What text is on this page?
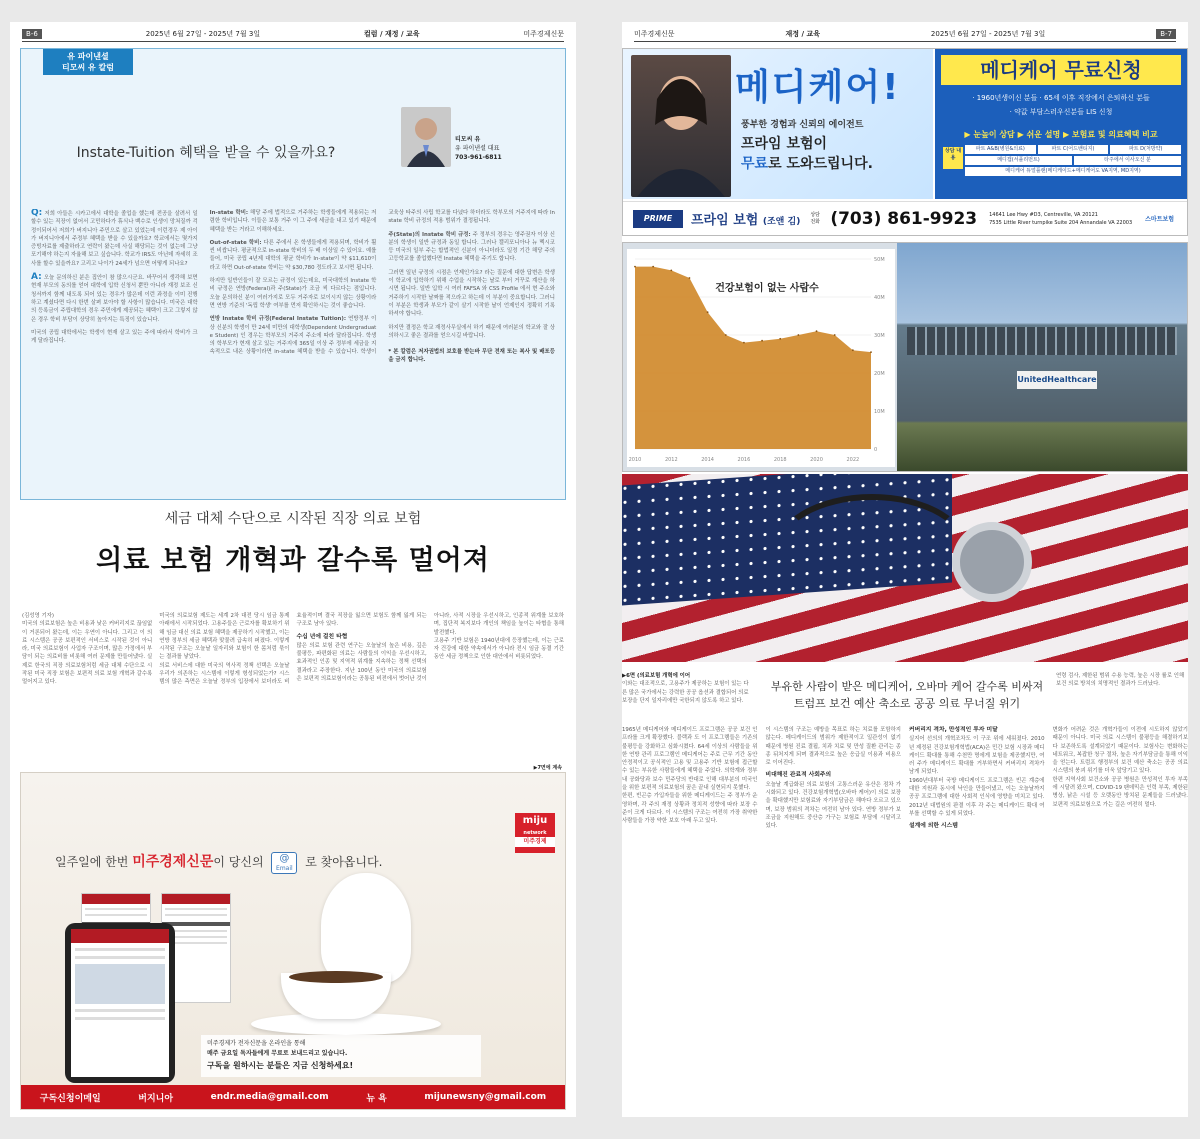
B-6	2025년 6월 27일 - 2025년 7월 3일	컬럼 / 재정 / 교육	미주경제신문
유 파이낸셜
티모씨 유 칼럼
Instate-Tuition 혜택을 받을 수 있을까요?
티모씨 유
유 파이낸셜 대표
703-961-6811

Q: 저희 아들은 시카고에서 대학을 졸업을 했는데 전공을 살려서 일할수 있는 직장이 없어서 고민하다가 휴식나 백수로 인생이 망쳐질까 걱정이되어서 저희가 버지니아 주민으로 살고 있었는데 이런경우 제 아이가 버지니아에서 주정부 혜택을 받을 수 있을까요? 학교에서는 몇가지 증빙자료를 제출하라고 연락이 왔는데 사실 해당되는 것이 없는데 그냥 포기해야 하는지 자율해 보고 싶습니다. 학교가 IRS도 아닌데 자세히 조사를 할수 있을까요? 고리고 나이가 24세가 넘으면 어떻게 되나요?

A: 오늘 문의하신 분은 집안이 참 많으시군요. 바꾸어서 생각해 보면 현재 부모의 동의를 얻어 대학에 입학 신청서 뿐만 아니라 재정 보조 신청서까지 함께 내도록 되어 있는 경우가 많은데 이런 과정을 이미 진행하고 계셨다면 다시 한번 살펴 보아야 할 사항이 많습니다. 미국은 대학의 등록금이 주립대학의 경우 주민에게 제공되는 혜택이 크고 그렇지 않은 경우 학비 부담이 상당히 높아지는 특징이 있습니다.

미국의 공립 대학에서는 학생이 현재 살고 있는 주에 따라서 학비가 크게 달라집니다.

In-state 학비: 해당 주에 법적으로 거주하는 학생들에게 적용되는 저렴한 학비입니다. 이들은 보통 거주 이 그 주에 세금을 내고 있기 때문에 혜택을 받는 거라고 이해하세요.

Out-of-state 학비: 다른 주에서 온 학생들에게 적용되며, 학비가 훨씬 비쌉니다. 평균적으로 in-state 학비의 두 배 이상일 수 있어요. 예를 들어, 미국 공립 4년제 대학의 평균 학비가 In-state이 약 $11,610이라고 하면 Out-of-state 학비는 약 $30,780 정도라고 보시면 됩니다.

하지만 일반인들이 잘 모르는 규정이 있는데요, 미국대학의 Instate 학비 규정은 연방(Federal)과 주(State)가 조금 씩 다르다는 점입니다. 오늘 문의하신 분이 여러가지로 모두 거주자로 보이시지 않는 상황이라면 연방 기준의 '독립 학생' 여부를 먼저 확인하시는 것이 좋습니다.

연방 Instate 학비 규정(Federal Instate Tuition): 연방정부 이상 신분의 학생이 만 24세 미만의 대학생(Dependent Undergraduate Student) 인 경우는 학부모의 거주지 주소에 따라 달라집니다. 학생의 학부모가 현재 살고 있는 거주지에 365일 이상 주 정부에 세금을 지속적으로 내온 상황이라면 in-state 혜택을 받을 수 있습니다. 학생이 교육상 타주의 사립 학교를 다녔다 하더라도 학부모의 거주지에 따라 Instate 학비 규정의 적용 범위가 결정됩니다.

주(State)의 Instate 학비 규정: 주 정부의 경우는 영주권자 이상 신분의 학생이 일반 규정과 동일 합니다. 그러나 캘리포니아나 뉴 멕시코등 미국의 일부 주는 합법적인 신분이 아니더라도 일정 기간 해당 주의 고등학교를 졸업했다면 Instate 혜택을 주기도 합니다.

그러면 일년 규정의 시점은 언제인가요? 라는 질문에 대한 답변은 학생이 학교에 입학하기 위해 수업을 시작하는 날로 부터 거꾸로 계산을 하시면 됩니다. 일반 입학 시 여러 FAFSA 와 CSS Profile 에서 현 주소와 거주하기 시작한 날짜를 적으라고 하는데 이 부분이 중요합니다. 그러니 이 부분은 학생과 부모가 같이 살기 시작한 날이 언제인지 정확히 기록하셔야 합니다.

하지만 결정은 학교 재정사무실에서 하기 때문에 여러분의 학교와 잘 상의하시고 좋은 결과를 얻으시길 바랍니다.

* 본 칼럼은 저자권법의 보호를 받는바 무단 전재 또는 복사 및 배포등을 금지 합니다.

세금 대체 수단으로 시작된 직장 의료 보험
의료 보험 개혁과 갈수록 멀어져

(김성영 기자)

미국의 의료보험은 높은 비용과 낮은 커버리지로 끊임없이 거론되어 왔는데, 이는 우연이 아니다. 그리고 이 의료 시스템은 공공 보편적인 서비스로 시작된 것이 아니라, 미국 의료보험이 사업자 구조이며, 많은 가정에서 부담이 되는 의료비를 비롯해 여러 문제를 만들어냈다. 실제로 한국의 직장 의료보험처럼 세금 대체 수단으로 시작된 미국 직장 보험은 보편적 의료 보험 개혁과 갈수록 멀어지고 있다.

미국의 의료보험 제도는 세계 2차 대전 당시 임금 통제 아래에서 시작되었다. 고용주들은 근로자를 확보하기 위해 임금 대신 의료 보험 혜택을 제공하기 시작했고, 이는 연방 정부의 세금 혜택과 맞물려 급속히 퍼졌다. 이렇게 시작된 구조는 오늘날 일자리와 보험이 한 몸처럼 묶이는 결과를 낳았다.

의료 서비스에 대한 미국의 역사적 정책 선택은 오늘날 우리가 의존하는 시스템에 이렇게 형성되었는가? 시스템의 많은 측면은 오늘날 정부의 입장에서 보더라도 비효율적이며 결국 직장을 잃으면 보험도 함께 잃게 되는 구조로 남아 있다.

수십 년에 걸친 타협

많은 의료 보험 관련 연구는 오늘날의 높은 비용, 깊은 불평등, 파편화된 의료는 사람들의 이익을 우선시하고, 효과적인 인종 및 지역적 위계를 지속하는 정책 선택의 결과라고 주장한다. 지난 100년 동안 미국의 의료보험은 보편적 의료보험이라는 공통된 비전에서 벗어난 것이 아니라, 사적 시장을 우선시하고, 인종적 위계를 보호하며, 집단적 복지보다 개인의 책임을 높이는 타협을 통해 발전했다.

고용주 기반 보험은 1940년대에 등장했는데, 이는 근로자 건강에 대한 약속에서가 아니라 전시 임금 동결 기간 동안 세금 정책으로 인한 대안에서 비롯되었다.

▶7면에 계속
miju
network
미주경제
일주일에 한번 미주경제신문이 당신의	@
Email 로 찾아옵니다.
미주경제가 전자신문을 온라인을 통해
매주 금요일 독자들에게 무료로 보내드리고 있습니다.
구독을 원하시는 분들은 지금 신청하세요!
구독신청이메일	버지니아	endr.media@gmail.com	뉴 욕	mijunewsny@gmail.com
미주경제신문	재정 / 교육	2025년 6월 27일 - 2025년 7월 3일	B-7
메디케어!
풍부한 경험과 신뢰의 에이전트
프라임 보험이
무료로 도와드립니다.
메디케어 무료신청
· 1960년생이신 분들 · 65세 이후 직장에서 은퇴하신 분들
· 약값 부담스러우신분들 LIS 신청
▶ 눈높이 상담 ▶ 쉬운 설명 ▶ 보험료 및 의료혜택 비교
상담 내용
파트 A&B(병원&의료)	파트 C(어드밴티지)	파트 D(처방약)
메디갭(서플리먼트)	타주에서 이사오신 분
메디케어 듀얼플랜(메디케이드+메디케어도 VA지역, MD지역)
PRIME	프라임 보험 (조앤 김)
상담 전화 (703) 861-9923 14641 Lee Hwy #D3, Centreville, VA 20121
7535 Little River turnpike Suite 204 Annandale VA 22003	스마트보험
0
10M
20M
30M
40M
50M
2010	2012	2014	2016	2018	2020	2022
건강보험이 없는 사람수
UnitedHealthcare
▶6면 (의료보험 개혁에 이어
이와는 대조적으로, 고용주가 제공하는 보험이 있는 다른 많은 국가에서는 강력한 공공 옵션과 결합되어 의료 보장을 단지 일자리에만 국한되지 않도록 하고 있다.
부유한 사람이 받은 메디케어, 오바마 케어 갈수록 비싸져
트럼프 보건 예산 축소로 공공 의료 무너질 위기
연령 검사, 제한된 범위 수용 능력, 높은 시장 률로 인해 보건 의료 방치의 치명적인 결과가 드러났다.

1965년 메디케어와 메디케이드 프로그램은 공공 보건 인프라를 크게 확장했다. 블랙과 도 이 프로그램들은 기존의 불평등을 강화하고 심화시켰다. 64세 이상의 사람들을 위한 연방 관리 프로그램인 메디케어는 주로 근무 기간 동안 안정적이고 공식적인 고용 및 고용주 기반 보험에 접근할 수 있는 부유한 사람들에게 혜택을 주었다. 의학계와 정부 내 공화당과 보수 민주당의 반대로 인해 대부분의 미국인을 위한 보편적 의료보험의 꿈은 끝내 실현되지 못했다.

한편, 빈곤층 가입자들을 위한 메디케이드는 주 정부가 운영하며, 각 주의 재정 상황과 정치적 성향에 따라 보장 수준이 크게 다르다. 이 시스템의 구조는 여전히 가장 취약한 사람들을 가장 약한 보호 아래 두고 있다.

이 시스템의 구조는 예방을 목표로 하는 치료를 포함하지 않는다. 메디케이드의 범위가 제한적이고 일관성이 없기 때문에 병원 진료 결핍, 치과 치료 및 만성 질환 관리는 종종 뒤처지게 되며 결과적으로 높은 응급실 이용과 비용으로 이어진다.

비대해진 관료적 사회주의

오늘날 계급화된 의료 보험의 고통스러운 유산은 점차 가시화되고 있다. 건강보험개혁법(오바마 케어)이 의료 보장을 확대했지만 보험료와 자기부담금은 해마다 오르고 있으며, 보장 범위의 격차는 여전히 남아 있다. 연방 정부가 보조금을 지원해도 중산층 가구는 보험료 부담에 시달리고 있다.

커버리지 격차, 만성적인 투자 미달

실지어 선의의 개혁조차도 이 구조 위에 세워졌다. 2010년 제정된 건강보험개혁법(ACA)은 민간 보험 시장과 메디케이드 확대를 통해 수천만 명에게 보험을 제공했지만, 여러 주가 메디케이드 확대를 거부하면서 커버리지 격차가 남게 되었다.

1960년대부터 국방 메디케이드 프로그램은 빈곤 계층에 대한 지원과 동시에 낙인을 만들어냈고, 이는 오늘날까지 공공 프로그램에 대한 사회적 인식에 영향을 미치고 있다. 2012년 대법원의 판결 이후 각 주는 메디케이드 확대 여부를 선택할 수 있게 되었다.

설계에 의한 시스템

변화가 어려운 것은 개혁가들이 이전에 시도하지 않았기 때문이 아니다. 미국 의료 시스템이 불평등을 해결하기보다 보존하도록 설계되었기 때문이다. 보험사는 변화하는 네트워크, 복잡한 청구 절차, 높은 자기부담금을 통해 이익을 얻는다. 트럼프 행정부의 보건 예산 축소는 공공 의료 시스템의 붕괴 위기를 더욱 앞당기고 있다.

한편 지역사회 보건소와 공공 병원은 만성적인 투자 부족에 시달려 왔으며, COVID-19 팬데믹은 인력 부족, 제한된 병상, 낡은 시설 등 오랫동안 방치된 문제들을 드러냈다. 보편적 의료보험으로 가는 길은 여전히 멀다.
